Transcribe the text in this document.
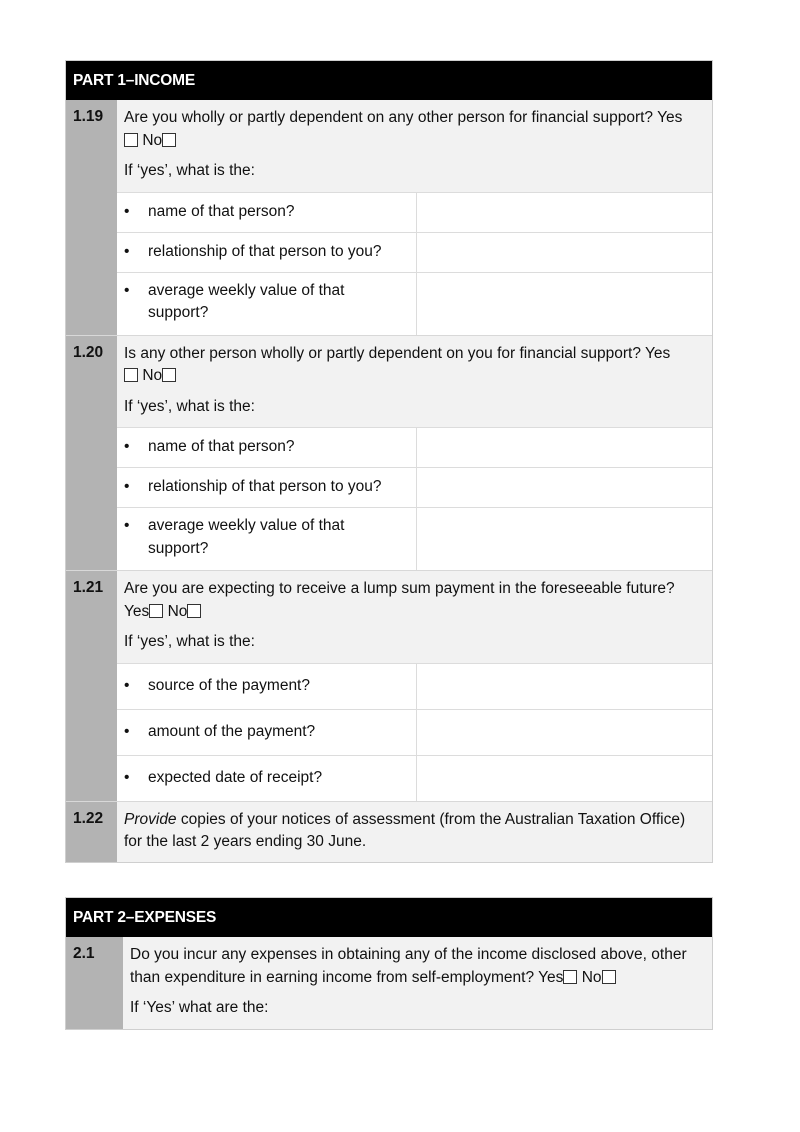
PART 1–INCOME
1.19	Are you wholly or partly dependent on any other person for financial support? Yes
No

If ‘yes’, what is the:

•	name of that person?
•	relationship of that person to you?
•	average weekly value of that support?
1.20	Is any other person wholly or partly dependent on you for financial support? Yes
No

If ‘yes’, what is the:

•	name of that person?
•	relationship of that person to you?
•	average weekly value of that support?
1.21	Are you are expecting to receive a lump sum payment in the foreseeable future?
Yes No

If ‘yes’, what is the:

•	source of the payment?
•	amount of the payment?
•	expected date of receipt?
1.22	Provide copies of your notices of assessment (from the Australian Taxation Office) for the last 2 years ending 30 June.

PART 2–EXPENSES
2.1	Do you incur any expenses in obtaining any of the income disclosed above, other than expenditure in earning income from self-employment? Yes No

If ‘Yes’ what are the:
